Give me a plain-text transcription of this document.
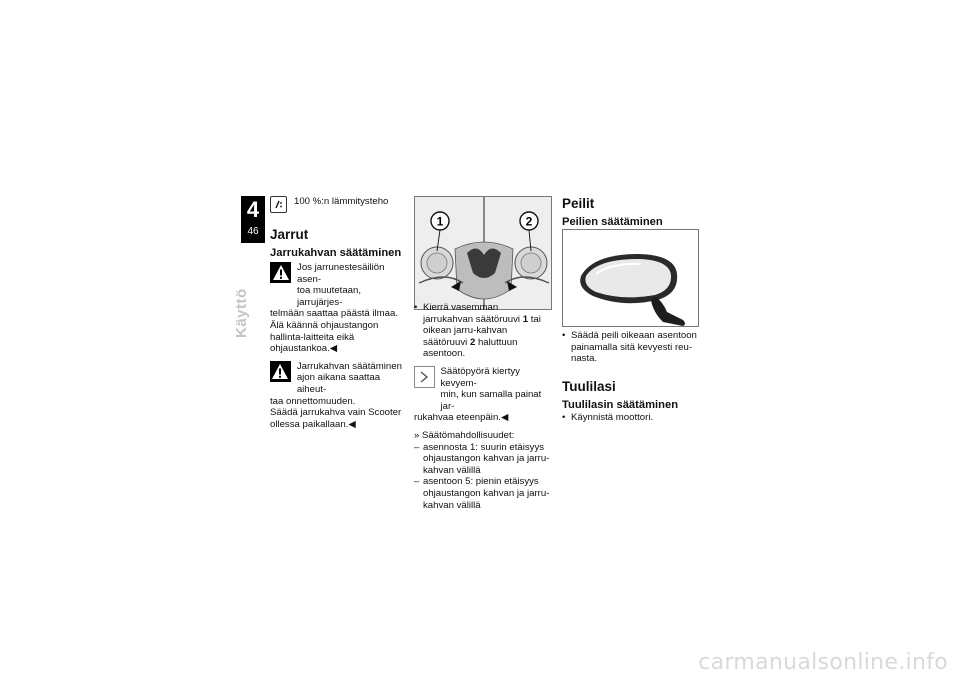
4
46
Käyttö
100 %:n lämmitysteho
Jarrut
Jarrukahvan säätäminen
Jos jarrunestesäiliön asen-
toa muutetaan, jarrujärjes-
telmään saattaa päästä ilmaa. Älä käännä ohjaustangon hallinta-laitteita eikä ohjaustankoa.◀
Jarrukahvan säätäminen
ajon aikana saattaa aiheut-
taa onnettomuuden.
Säädä jarrukahva vain Scooter ollessa paikallaan.◀
1	2
• Kierrä vasemman jarrukahvan säätöruuvi 1 tai oikean jarru-kahvan säätöruuvi 2 haluttuun asentoon.
Säätöpyörä kiertyy kevyem-
min, kun samalla painat jar-
rukahvaa eteenpäin.◀
» Säätömahdollisuudet:
– asennosta 1: suurin etäisyys ohjaustangon kahvan ja jarru-kahvan välillä
– asentoon 5: pienin etäisyys ohjaustangon kahvan ja jarru-kahvan välillä
Peilit
Peilien säätäminen
• Säädä peili oikeaan asentoon painamalla sitä kevyesti reu-nasta.
Tuulilasi
Tuulilasin säätäminen
• Käynnistä moottori.
carmanualsonline.info
